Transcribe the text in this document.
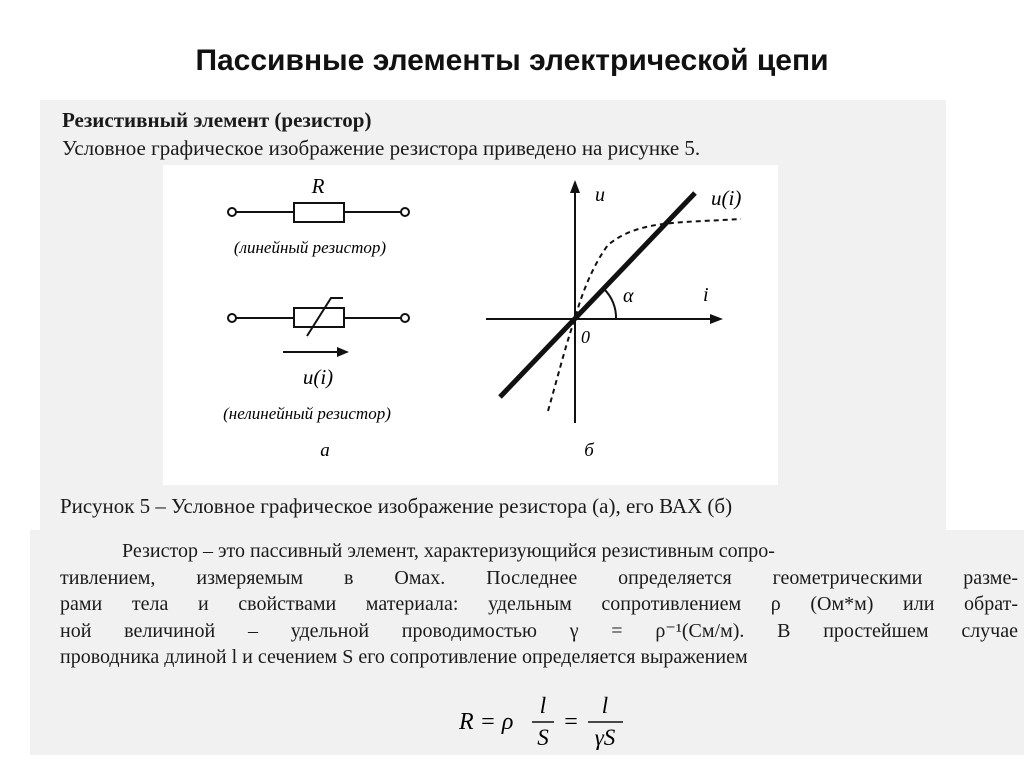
Пассивные элементы электрической цепи
Резистивный элемент (резистор)
Условное графическое изображение резистора приведено на рисунке 5.
R
(линейный резистор)
u(i)
(нелинейный резистор)
a
u
i
0
α
u(i)
б
Рисунок 5 – Условное графическое изображение резистора (а), его ВАХ (б)
Резистор – это пассивный элемент, характеризующийся резистивным сопро-
тивлением, измеряемым в Омах. Последнее определяется геометрическими разме-
рами тела и свойствами материала: удельным сопротивлением ρ (Ом*м) или обрат-
ной величиной – удельной проводимостью γ = ρ⁻¹(См/м). В простейшем случае
проводника длиной l и сечением S его сопротивление определяется выражением
R = ρ
l
S
=
l
γS
